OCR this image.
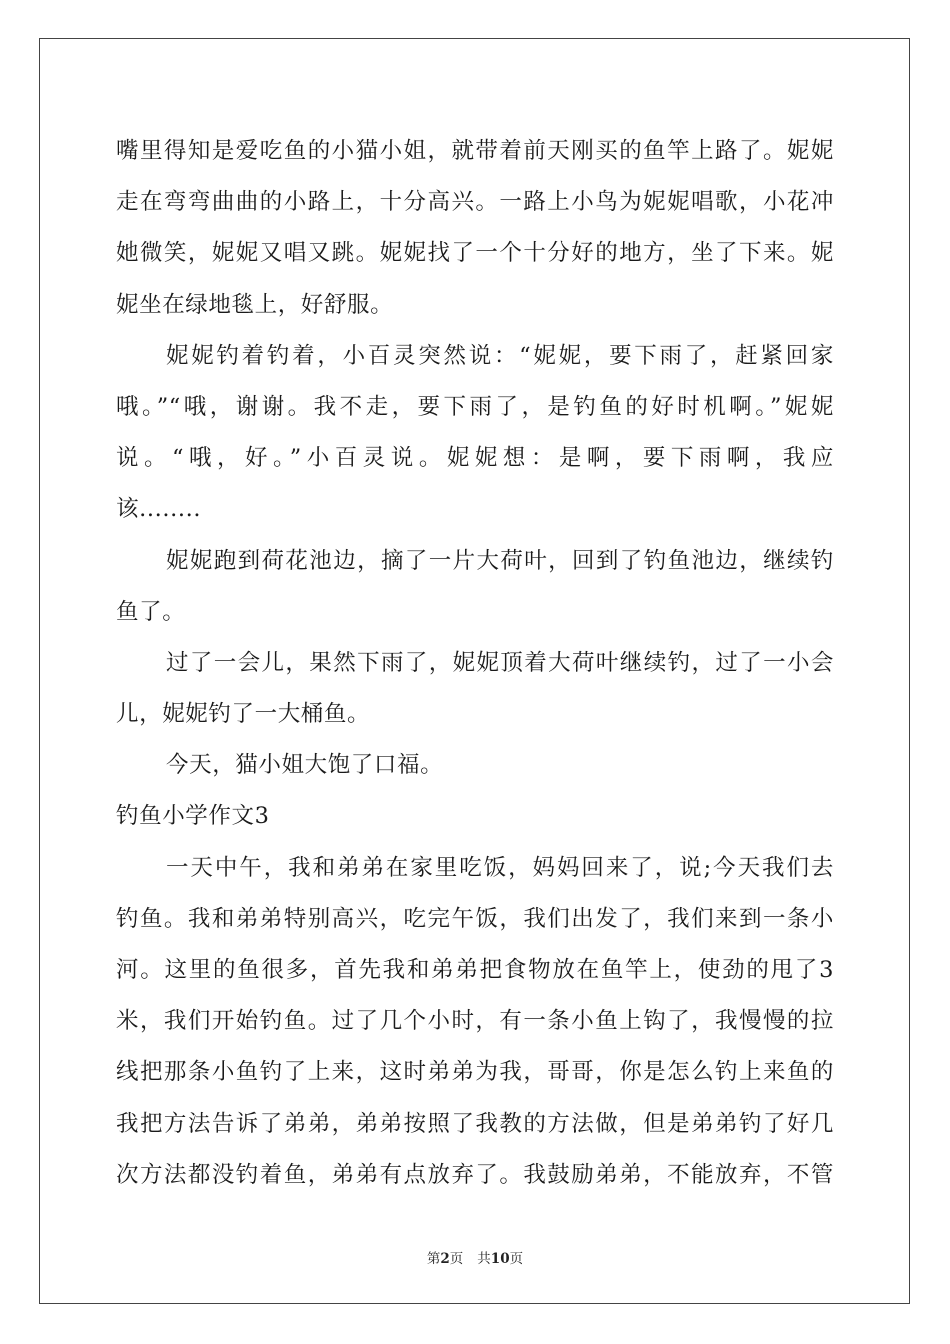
嘴里得知是爱吃鱼的小猫小姐，就带着前天刚买的鱼竿上路了。妮妮
走在弯弯曲曲的小路上，十分高兴。一路上小鸟为妮妮唱歌，小花冲
她微笑，妮妮又唱又跳。妮妮找了一个十分好的地方，坐了下来。妮
妮坐在绿地毯上，好舒服。
妮妮钓着钓着，小百灵突然说：“妮妮，要下雨了，赶紧回家
哦。”“哦，谢谢。我不走，要下雨了，是钓鱼的好时机啊。”妮妮
说。“哦，好。”小百灵说。妮妮想：是啊，要下雨啊，我应
该........
妮妮跑到荷花池边，摘了一片大荷叶，回到了钓鱼池边，继续钓
鱼了。
过了一会儿，果然下雨了，妮妮顶着大荷叶继续钓，过了一小会
儿，妮妮钓了一大桶鱼。
今天，猫小姐大饱了口福。
钓鱼小学作文3
一天中午，我和弟弟在家里吃饭，妈妈回来了，说;今天我们去
钓鱼。我和弟弟特别高兴，吃完午饭，我们出发了，我们来到一条小
河。这里的鱼很多，首先我和弟弟把食物放在鱼竿上，使劲的甩了3
米，我们开始钓鱼。过了几个小时，有一条小鱼上钩了，我慢慢的拉
线把那条小鱼钓了上来，这时弟弟为我，哥哥，你是怎么钓上来鱼的
我把方法告诉了弟弟，弟弟按照了我教的方法做，但是弟弟钓了好几
次方法都没钓着鱼，弟弟有点放弃了。我鼓励弟弟，不能放弃，不管
第2页 共10页
